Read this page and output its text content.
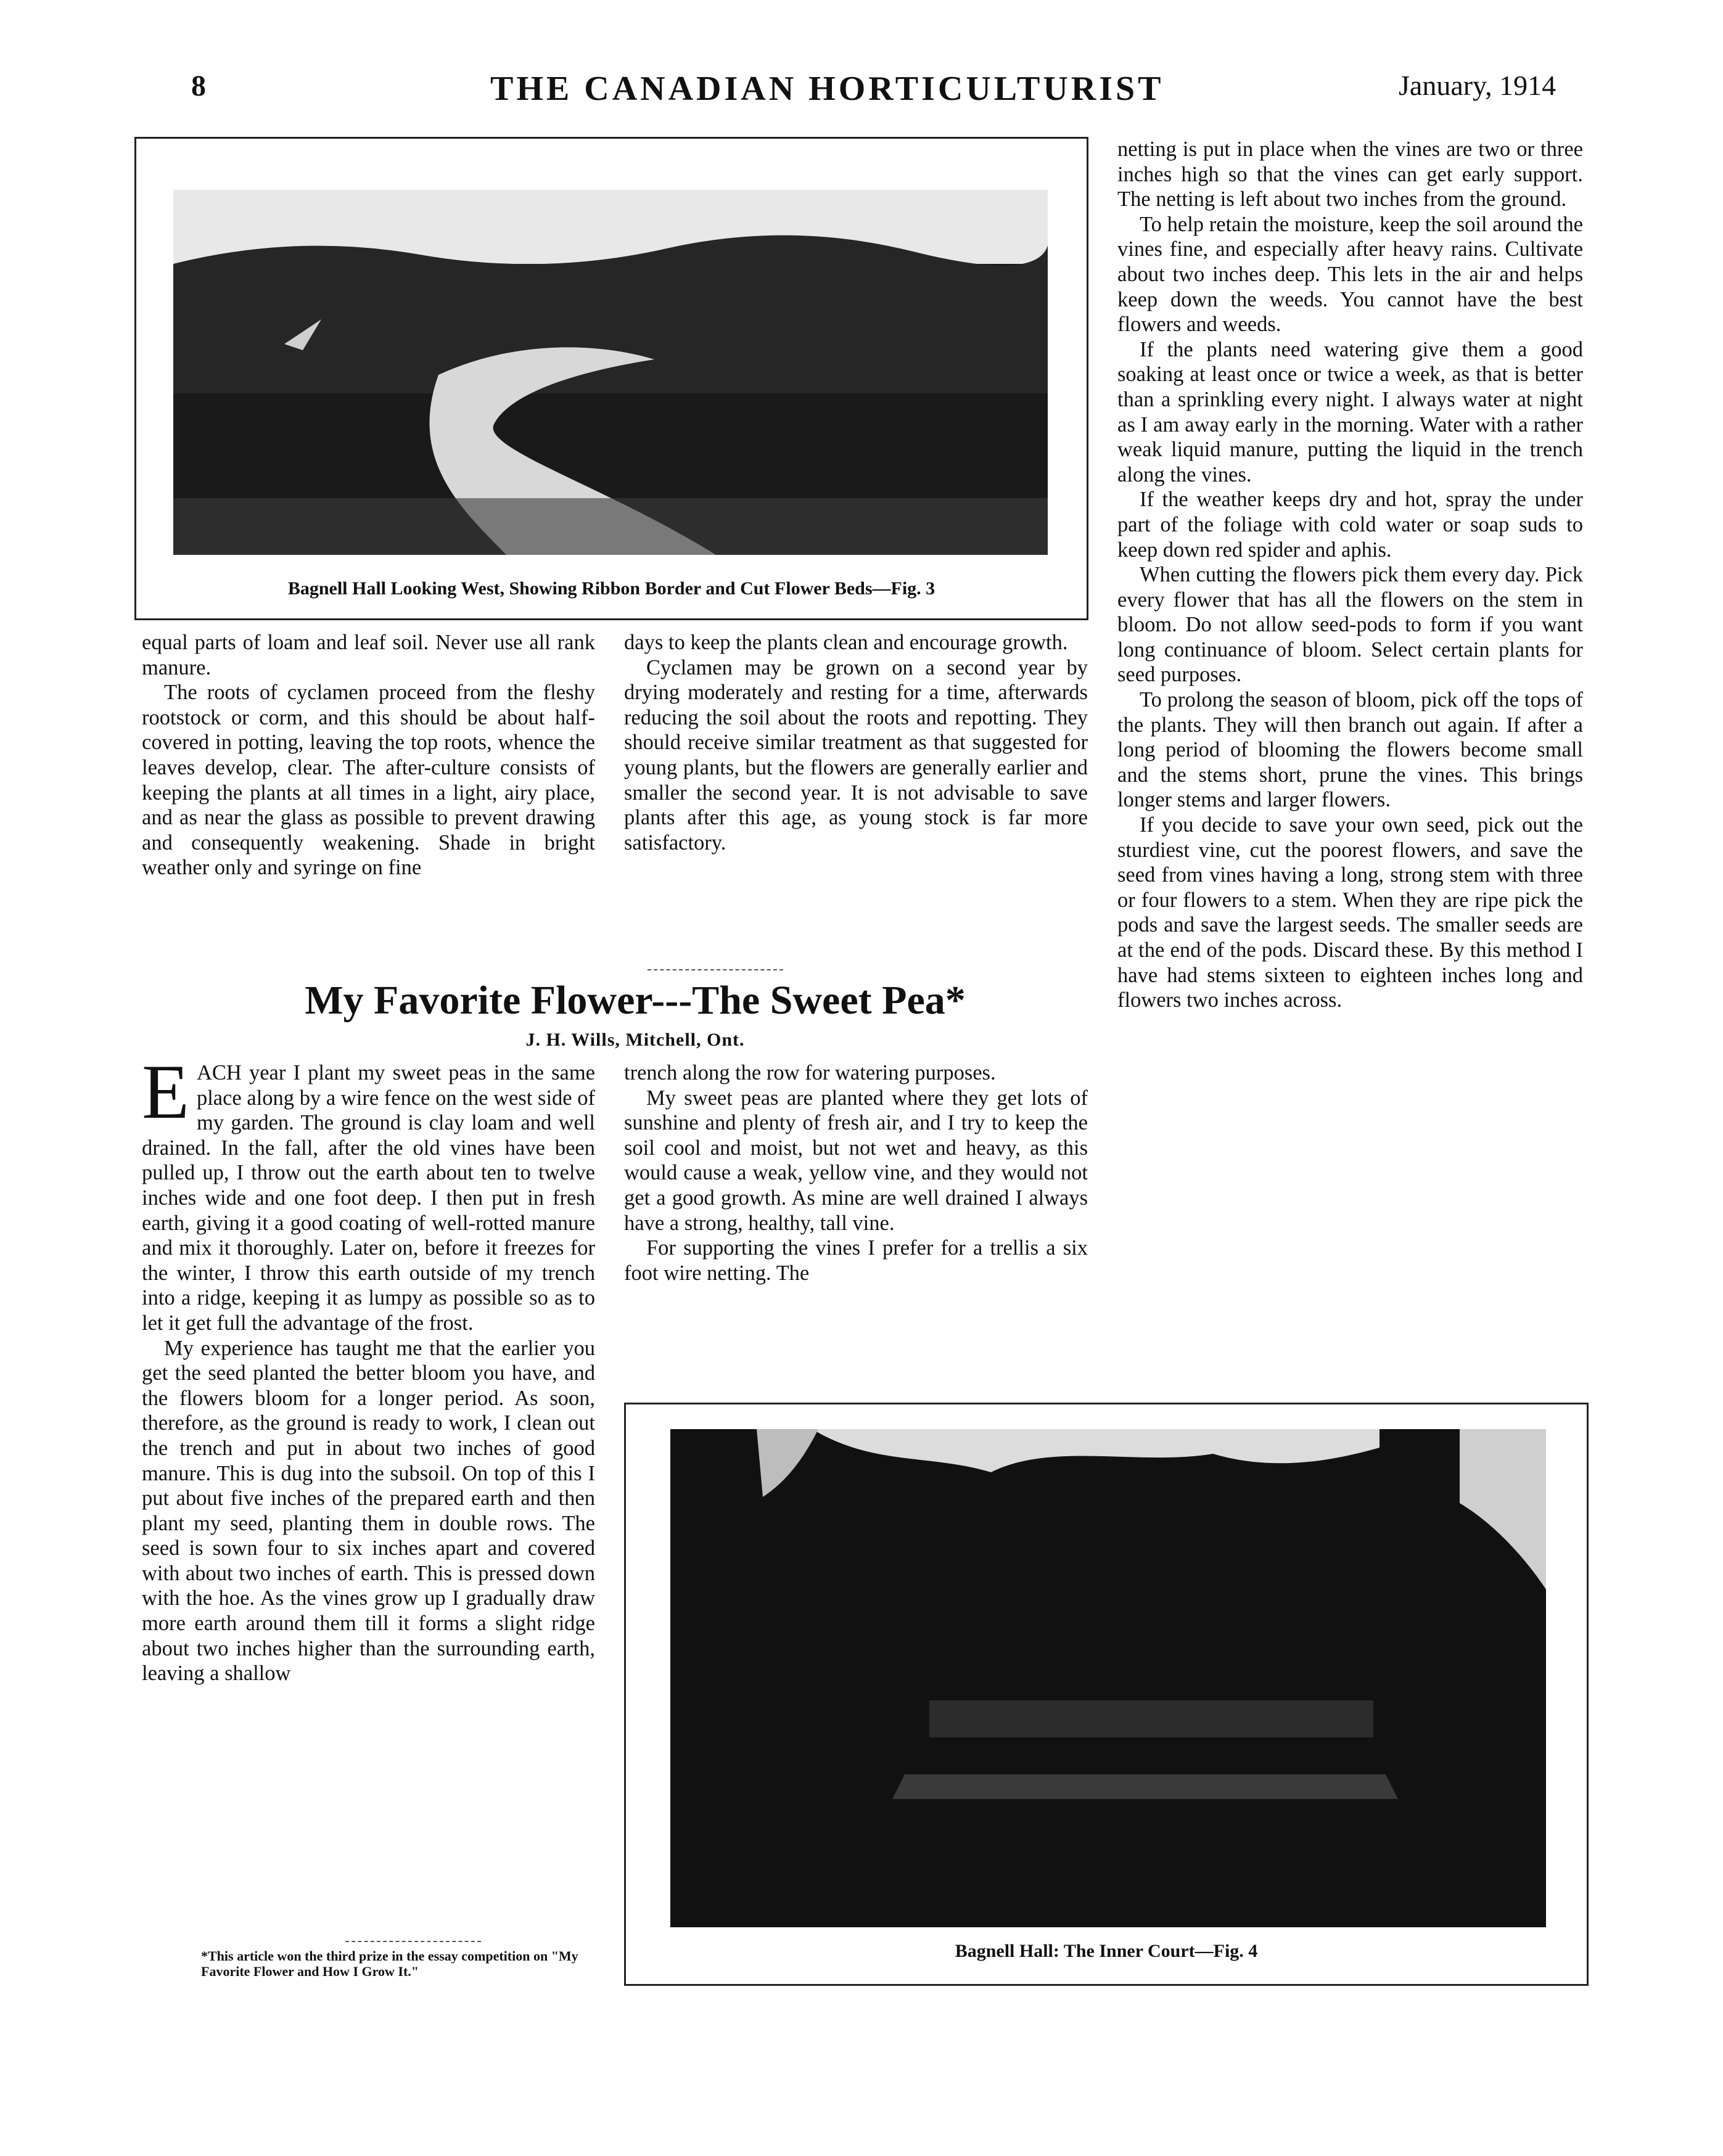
8	THE CANADIAN HORTICULTURIST	January, 1914
Bagnell Hall Looking West, Showing Ribbon Border and Cut Flower Beds—Fig. 3

equal parts of loam and leaf soil. Never use all rank manure.

The roots of cyclamen proceed from the fleshy rootstock or corm, and this should be about half-covered in potting, leaving the top roots, whence the leaves develop, clear. The after-culture consists of keeping the plants at all times in a light, airy place, and as near the glass as possible to prevent drawing and consequently weakening. Shade in bright weather only and syringe on fine

days to keep the plants clean and encourage growth.

Cyclamen may be grown on a second year by drying moderately and resting for a time, afterwards reducing the soil about the roots and repotting. They should receive similar treatment as that suggested for young plants, but the flowers are generally earlier and smaller the second year. It is not advisable to save plants after this age, as young stock is far more satisfactory.

My Favorite Flower---The Sweet Pea*
J. H. Wills, Mitchell, Ont.

EACH year I plant my sweet peas in the same place along by a wire fence on the west side of my garden. The ground is clay loam and well drained. In the fall, after the old vines have been pulled up, I throw out the earth about ten to twelve inches wide and one foot deep. I then put in fresh earth, giving it a good coating of well-rotted manure and mix it thoroughly. Later on, before it freezes for the winter, I throw this earth outside of my trench into a ridge, keeping it as lumpy as possible so as to let it get full the advantage of the frost.

My experience has taught me that the earlier you get the seed planted the better bloom you have, and the flowers bloom for a longer period. As soon, therefore, as the ground is ready to work, I clean out the trench and put in about two inches of good manure. This is dug into the subsoil. On top of this I put about five inches of the prepared earth and then plant my seed, planting them in double rows. The seed is sown four to six inches apart and covered with about two inches of earth. This is pressed down with the hoe. As the vines grow up I gradually draw more earth around them till it forms a slight ridge about two inches higher than the surrounding earth, leaving a shallow

trench along the row for watering purposes.

My sweet peas are planted where they get lots of sunshine and plenty of fresh air, and I try to keep the soil cool and moist, but not wet and heavy, as this would cause a weak, yellow vine, and they would not get a good growth. As mine are well drained I always have a strong, healthy, tall vine.

For supporting the vines I prefer for a trellis a six foot wire netting. The

netting is put in place when the vines are two or three inches high so that the vines can get early support. The netting is left about two inches from the ground.

To help retain the moisture, keep the soil around the vines fine, and especially after heavy rains. Cultivate about two inches deep. This lets in the air and helps keep down the weeds. You cannot have the best flowers and weeds.

If the plants need watering give them a good soaking at least once or twice a week, as that is better than a sprinkling every night. I always water at night as I am away early in the morning. Water with a rather weak liquid manure, putting the liquid in the trench along the vines.

If the weather keeps dry and hot, spray the under part of the foliage with cold water or soap suds to keep down red spider and aphis.

When cutting the flowers pick them every day. Pick every flower that has all the flowers on the stem in bloom. Do not allow seed-pods to form if you want long continuance of bloom. Select certain plants for seed purposes.

To prolong the season of bloom, pick off the tops of the plants. They will then branch out again. If after a long period of blooming the flowers become small and the stems short, prune the vines. This brings longer stems and larger flowers.

If you decide to save your own seed, pick out the sturdiest vine, cut the poorest flowers, and save the seed from vines having a long, strong stem with three or four flowers to a stem. When they are ripe pick the pods and save the largest seeds. The smaller seeds are at the end of the pods. Discard these. By this method I have had stems sixteen to eighteen inches long and flowers two inches across.

Bagnell Hall: The Inner Court—Fig. 4
*This article won the third prize in the essay competition on "My Favorite Flower and How I Grow It."
